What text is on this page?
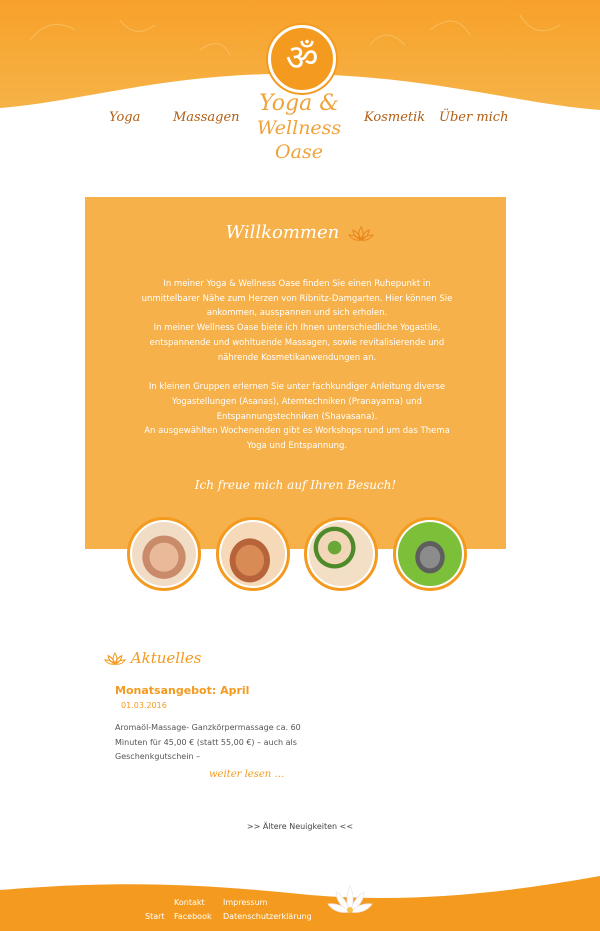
ॐ
Yoga	Massagen
Yoga &
Wellness Oase
Kosmetik Über mich
Willkommen

In meiner Yoga & Wellness Oase finden Sie einen Ruhepunkt in

unmittelbarer Nähe zum Herzen von Ribnitz-Damgarten. Hier können Sie

ankommen, ausspannen und sich erholen.

In meiner Wellness Oase biete ich Ihnen unterschiedliche Yogastile,

entspannende und wohltuende Massagen, sowie revitalisierende und

nährende Kosmetikanwendungen an.

In kleinen Gruppen erlernen Sie unter fachkundiger Anleitung diverse

Yogastellungen (Asanas), Atemtechniken (Pranayama) und

Entspannungstechniken (Shavasana).

An ausgewählten Wochenenden gibt es Workshops rund um das Thema

Yoga und Entspannung.

Ich freue mich auf Ihren Besuch!
Aktuelles
Monatsangebot: April
01.03.2016
Aromaöl-Massage- Ganzkörpermassage ca. 60 Minuten für 45,00 € (statt 55,00 €) – auch als Geschenkgutschein –
weiter lesen …
>> Ältere Neuigkeiten <<
Kontakt Impressum
Start Facebook Datenschutzerklärung
